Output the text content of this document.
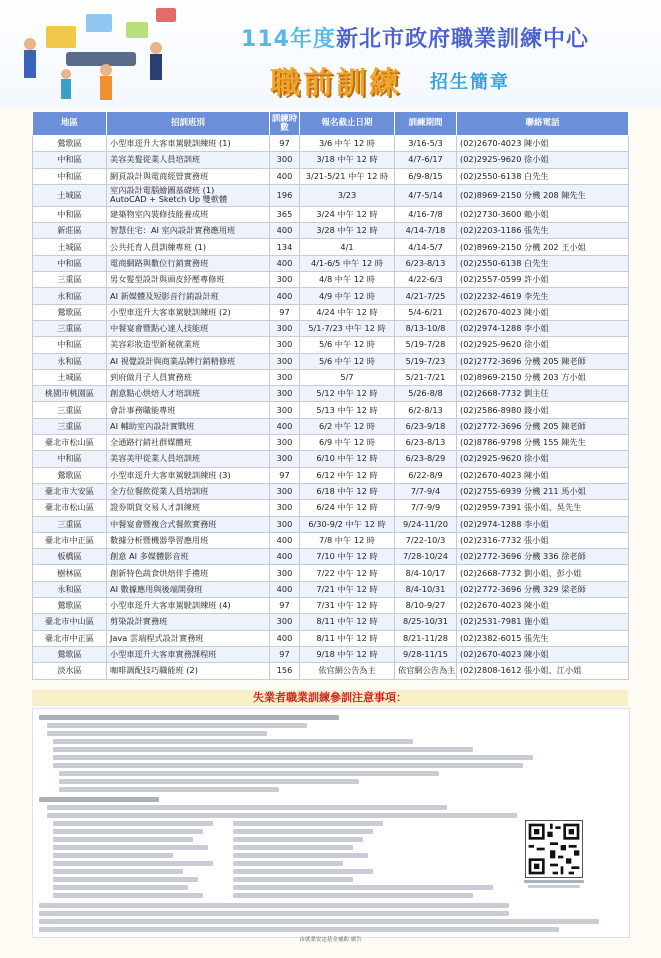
114年度新北市政府職業訓練中心
職前訓練 招生簡章
地區	招訓班別	訓練時數	報名截止日期	訓練期間	聯絡電話
鶯歌區	小型車逕升大客車駕駛訓練班 (1)	97	3/6 中午 12 時	3/16-5/3	(02)2670-4023 陳小姐
中和區	美容美髮從業人員培訓班	300	3/18 中午 12 時	4/7-6/17	(02)2925-9620 徐小姐
中和區	網頁設計與電商經營實務班	400	3/21-5/21 中午 12 時	6/9-8/15	(02)2550-6138 白先生
土城區	室內設計電腦繪圖基礎班 (1)
AutoCAD + Sketch Up 雙軟體	196	3/23	4/7-5/14	(02)8969-2150 分機 208 陳先生
中和區	建築物室內裝修技能養成班	365	3/24 中午 12 時	4/16-7/8	(02)2730-3600 賴小姐
新莊區	智慧住宅：AI 室內設計實務應用班	400	3/28 中午 12 時	4/14-7/18	(02)2203-1186 張先生
土城區	公共托育人員訓練專班 (1)	134	4/1	4/14-5/7	(02)8969-2150 分機 202 王小姐
中和區	電商網路與數位行銷實務班	400	4/1-6/5 中午 12 時	6/23-8/13	(02)2550-6138 白先生
三重區	男女髮型設計與頭皮紓壓專修班	300	4/8 中午 12 時	4/22-6/3	(02)2557-0599 許小姐
永和區	AI 新媒體及短影音行銷設計班	400	4/9 中午 12 時	4/21-7/25	(02)2232-4619 李先生
鶯歌區	小型車逕升大客車駕駛訓練班 (2)	97	4/24 中午 12 時	5/4-6/21	(02)2670-4023 陳小姐
三重區	中餐宴會暨點心達人技能班	300	5/1-7/23 中午 12 時	8/13-10/8	(02)2974-1288 李小姐
中和區	美容彩妝造型新秘就業班	300	5/6 中午 12 時	5/19-7/28	(02)2925-9620 徐小姐
永和區	AI 視覺設計與商業品牌行銷精修班	300	5/6 中午 12 時	5/19-7/23	(02)2772-3696 分機 205 陳老師
土城區	到府做月子人員實務班	300	5/7	5/21-7/21	(02)8969-2150 分機 203 方小姐
桃園市桃園區	創意點心烘焙人才培訓班	300	5/12 中午 12 時	5/26-8/8	(02)2668-7732 劉主任
三重區	會計事務職能專班	300	5/13 中午 12 時	6/2-8/13	(02)2586-8980 錢小姐
三重區	AI 輔助室內設計實戰班	400	6/2 中午 12 時	6/23-9/18	(02)2772-3696 分機 205 陳老師
臺北市松山區	全通路行銷社群媒體班	300	6/9 中午 12 時	6/23-8/13	(02)8786-9798 分機 155 陳先生
中和區	美容美甲從業人員培訓班	300	6/10 中午 12 時	6/23-8/29	(02)2925-9620 徐小姐
鶯歌區	小型車逕升大客車駕駛訓練班 (3)	97	6/12 中午 12 時	6/22-8/9	(02)2670-4023 陳小姐
臺北市大安區	全方位餐飲從業人員培訓班	300	6/18 中午 12 時	7/7-9/4	(02)2755-6939 分機 211 馬小姐
臺北市松山區	證券期貨交易人才訓練班	300	6/24 中午 12 時	7/7-9/9	(02)2959-7391 張小姐、吳先生
三重區	中餐宴會暨複合式餐飲實務班	300	6/30-9/2 中午 12 時	9/24-11/20	(02)2974-1288 李小姐
臺北市中正區	數據分析暨機器學習應用班	400	7/8 中午 12 時	7/22-10/3	(02)2316-7732 張小姐
板橋區	創意 AI 多媒體影音班	400	7/10 中午 12 時	7/28-10/24	(02)2772-3696 分機 336 徐老師
樹林區	創新特色蔬食烘焙伴手禮班	300	7/22 中午 12 時	8/4-10/17	(02)2668-7732 劉小姐、彭小姐
永和區	AI 數據應用與後端開發班	400	7/21 中午 12 時	8/4-10/31	(02)2772-3696 分機 329 梁老師
鶯歌區	小型車逕升大客車駕駛訓練班 (4)	97	7/31 中午 12 時	8/10-9/27	(02)2670-4023 陳小姐
臺北市中山區	剪染設計實務班	300	8/11 中午 12 時	8/25-10/31	(02)2531-7981 施小姐
臺北市中正區	Java 雲端程式設計實務班	400	8/11 中午 12 時	8/21-11/28	(02)2382-6015 張先生
鶯歌區	小型車逕升大客車實務課程班	97	9/18 中午 12 時	9/28-11/15	(02)2670-4023 陳小姐
淡水區	咖啡調配技巧職能班 (2)	156	依官網公告為主	依官網公告為主	(02)2808-1612 張小姐、江小姐
失業者職業訓練參訓注意事項：
由就業安定基金補助 廣告
